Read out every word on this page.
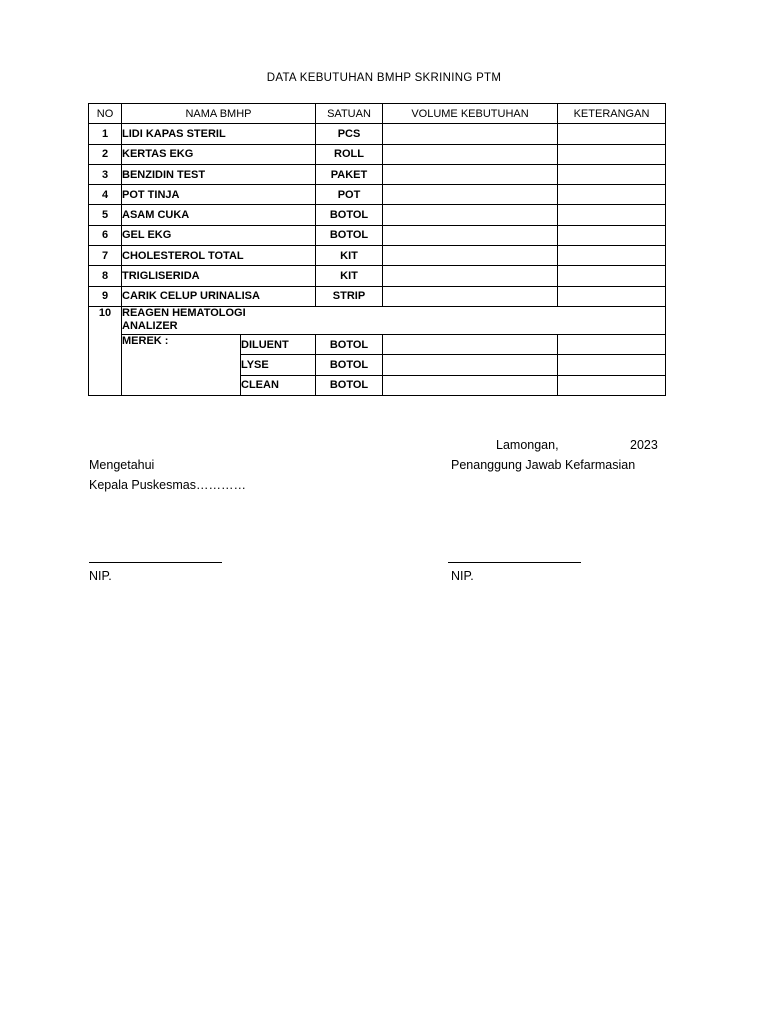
DATA KEBUTUHAN BMHP SKRINING PTM
NO	NAMA BMHP		SATUAN	VOLUME KEBUTUHAN	KETERANGAN
1	LIDI KAPAS STERIL		PCS		
2	KERTAS EKG		ROLL		
3	BENZIDIN TEST		PAKET		
4	POT TINJA		POT		
5	ASAM CUKA		BOTOL		
6	GEL EKG		BOTOL		
7	CHOLESTEROL TOTAL		KIT		
8	TRIGLISERIDA		KIT		
9	CARIK CELUP URINALISA		STRIP		
10	REAGEN HEMATOLOGI
ANALIZER				

	MEREK :	DILUENT	BOTOL		
		LYSE	BOTOL		
		CLEAN	BOTOL		
Lamongan,	2023
Mengetahui	Penanggung Jawab Kefarmasian
Kepala Puskesmas…………
NIP.	NIP.
